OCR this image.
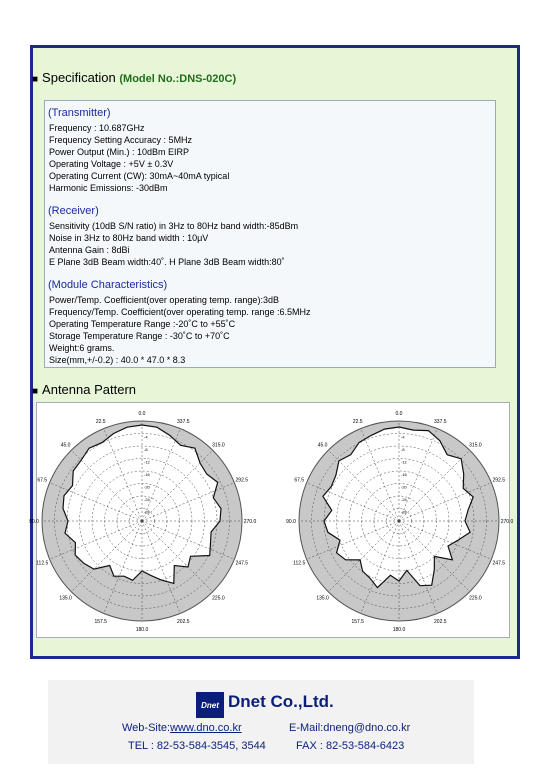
■ Specification (Model No.:DNS-020C)
(Transmitter)
Frequency : 10.687GHz
Frequency Setting Accuracy : 5MHz
Power Output (Min.) : 10dBm EIRP
Operating Voltage : +5V ± 0.3V
Operating Current (CW): 30mA~40mA typical
Harmonic Emissions: -30dBm
(Receiver)
Sensitivity (10dB S/N ratio) in 3Hz to 80Hz band width:-85dBm
Noise in 3Hz to 80Hz band width : 10μV
Antenna Gain : 8dBi
E Plane 3dB Beam width:40˚. H Plane 3dB Beam width:80˚
(Module Characteristics)
Power/Temp. Coefficient(over operating temp. range):3dB
Frequency/Temp. Coefficient(over operating temp. range :6.5MHz
Operating Temperature Range :-20˚C to +55˚C
Storage Temperature Range : -30˚C to +70˚C
Weight:6 grams.
Size(mm,+/-0.2) : 40.0 * 47.0 * 8.3
■ Antenna Pattern
0.0
337.5
315.0
292.5
270.0
247.5
225.0
202.5
180.0
157.5
135.0
112.5
90.0
67.5
45.0
22.5
-4
-8
-12
-16
-20
-24
-28
0.0
337.5
315.0
292.5
270.0
247.5
225.0
202.5
180.0
157.5
135.0
112.5
90.0
67.5
45.0
22.5
-4
-8
-12
-16
-20
-24
-28
Dnet Dnet Co.,Ltd.
Web-Site:www.dno.co.kr	E-Mail:dneng@dno.co.kr
TEL : 82-53-584-3545, 3544	FAX : 82-53-584-6423
